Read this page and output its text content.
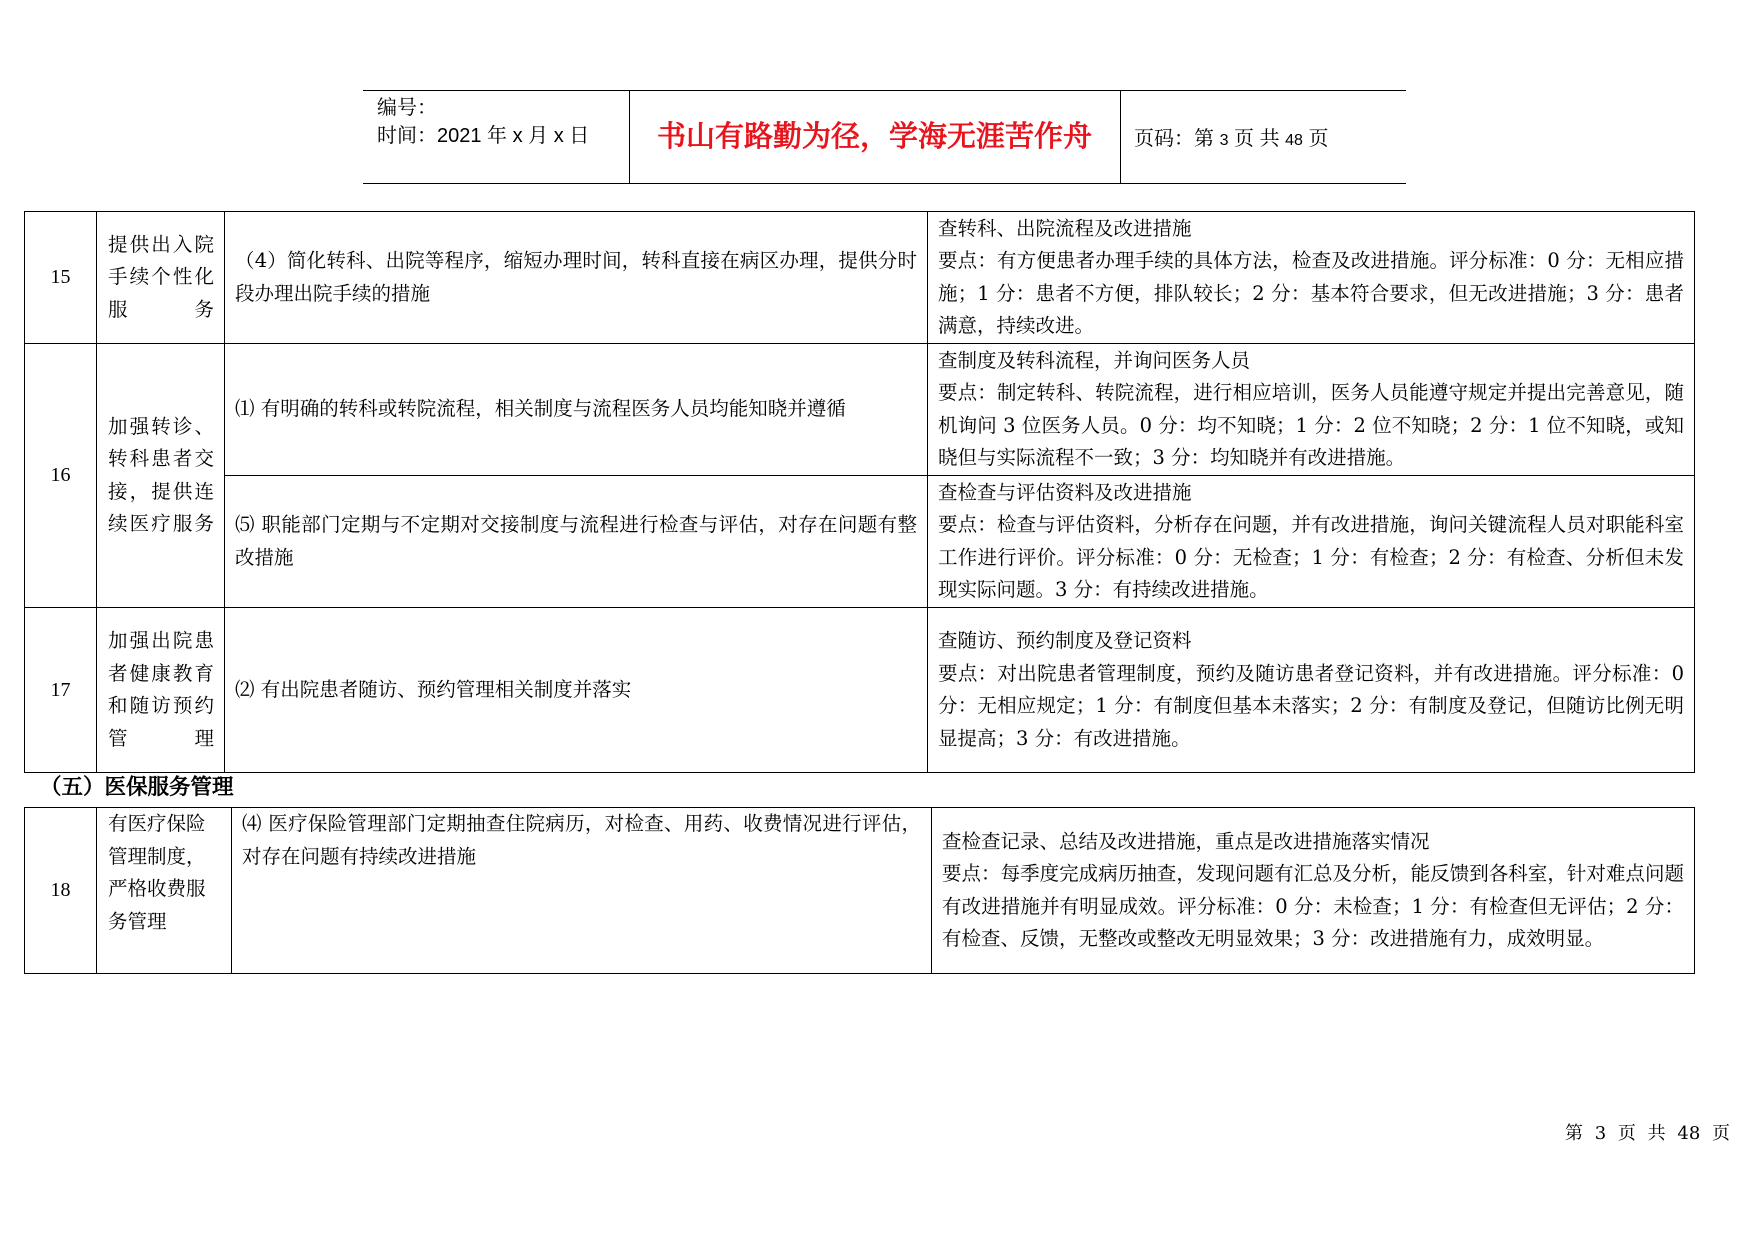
编号：
时间：2021 年 x 月 x 日	书山有路勤为径，学海无涯苦作舟	页码：第 3 页 共 48 页
15	提供出入院手续个性化服务	（4）简化转科、出院等程序，缩短办理时间，转科直接在病区办理，提供分时段办理出院手续的措施	查转科、出院流程及改进措施
要点：有方便患者办理手续的具体方法，检查及改进措施。评分标准：0 分：无相应措施；1 分：患者不方便，排队较长；2 分：基本符合要求，但无改进措施；3 分：患者满意，持续改进。

16	加强转诊、转科患者交接，提供连续医疗服务	⑴ 有明确的转科或转院流程，相关制度与流程医务人员均能知晓并遵循	查制度及转科流程，并询问医务人员
要点：制定转科、转院流程，进行相应培训，医务人员能遵守规定并提出完善意见，随机询问 3 位医务人员。0 分：均不知晓；1 分：2 位不知晓；2 分：1 位不知晓，或知晓但与实际流程不一致；3 分：均知晓并有改进措施。

		⑸ 职能部门定期与不定期对交接制度与流程进行检查与评估，对存在问题有整改措施	查检查与评估资料及改进措施
要点：检查与评估资料，分析存在问题，并有改进措施，询问关键流程人员对职能科室工作进行评价。评分标准：0 分：无检查；1 分：有检查；2 分：有检查、分析但未发现实际问题。3 分：有持续改进措施。

17	加强出院患者健康教育和随访预约管理	⑵ 有出院患者随访、预约管理相关制度并落实	查随访、预约制度及登记资料
要点：对出院患者管理制度，预约及随访患者登记资料，并有改进措施。评分标准：0 分：无相应规定；1 分：有制度但基本未落实；2 分：有制度及登记，但随访比例无明显提高；3 分：有改进措施。
（五）医保服务管理
18	有医疗保险管理制度，严格收费服务管理	⑷ 医疗保险管理部门定期抽查住院病历，对检查、用药、收费情况进行评估，对存在问题有持续改进措施	
查检查记录、总结及改进措施，重点是改进措施落实情况
要点：每季度完成病历抽查，发现问题有汇总及分析，能反馈到各科室，针对难点问题有改进措施并有明显成效。评分标准：0 分：未检查；1 分：有检查但无评估；2 分：有检查、反馈，无整改或整改无明显效果；3 分：改进措施有力，成效明显。
第 3 页 共 48 页
